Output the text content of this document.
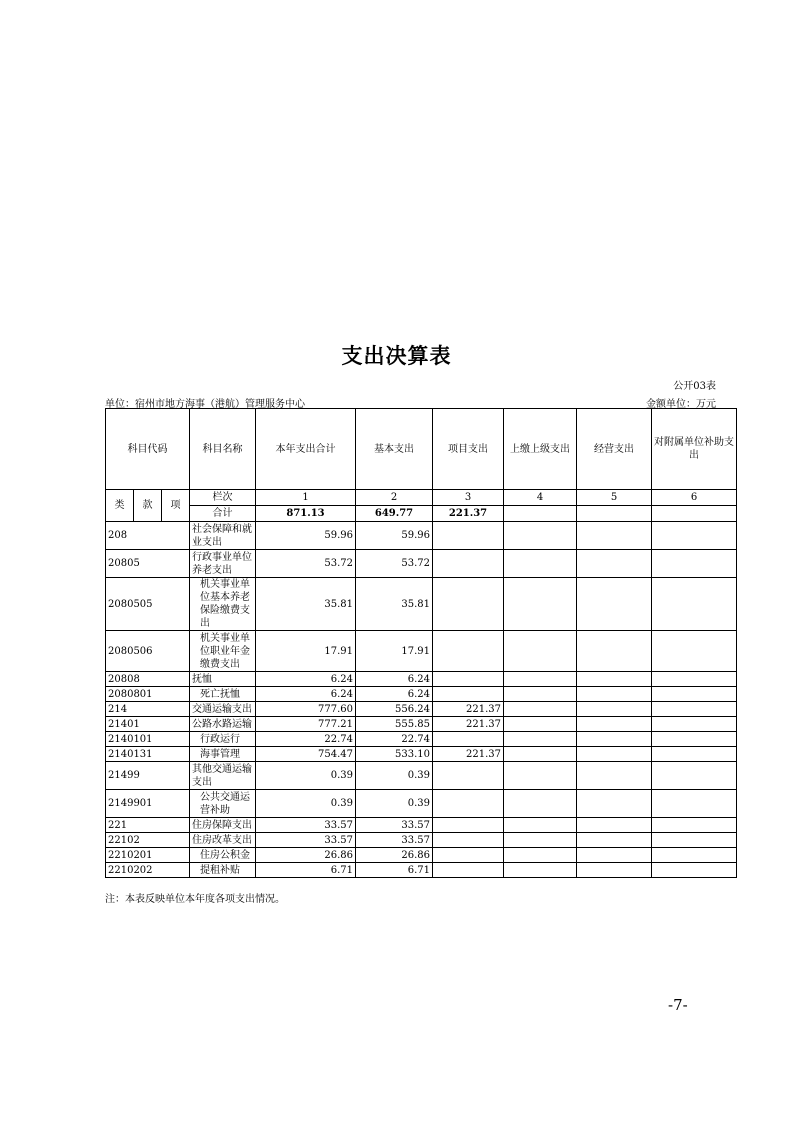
支出决算表
公开03表
单位：宿州市地方海事（港航）管理服务中心	金额单位：万元
科目代码			科目名称	本年支出合计	基本支出	项目支出	上缴上级支出	经营支出	对附属单位补助支出
类	款	项	栏次	1	2	3	4	5	6
			合计	871.13	649.77	221.37			
208			社会保障和就业支出	59.96	59.96				
20805			行政事业单位养老支出	53.72	53.72				
2080505			机关事业单位基本养老保险缴费支出	35.81	35.81				
2080506			机关事业单位职业年金缴费支出	17.91	17.91				
20808			抚恤	6.24	6.24				
2080801			死亡抚恤	6.24	6.24				
214			交通运输支出	777.60	556.24	221.37			
21401			公路水路运输	777.21	555.85	221.37			
2140101			行政运行	22.74	22.74				
2140131			海事管理	754.47	533.10	221.37			
21499			其他交通运输支出	0.39	0.39				
2149901			公共交通运营补助	0.39	0.39				
221			住房保障支出	33.57	33.57				
22102			住房改革支出	33.57	33.57				
2210201			住房公积金	26.86	26.86				
2210202			提租补贴	6.71	6.71				
注：本表反映单位本年度各项支出情况。
-7-
